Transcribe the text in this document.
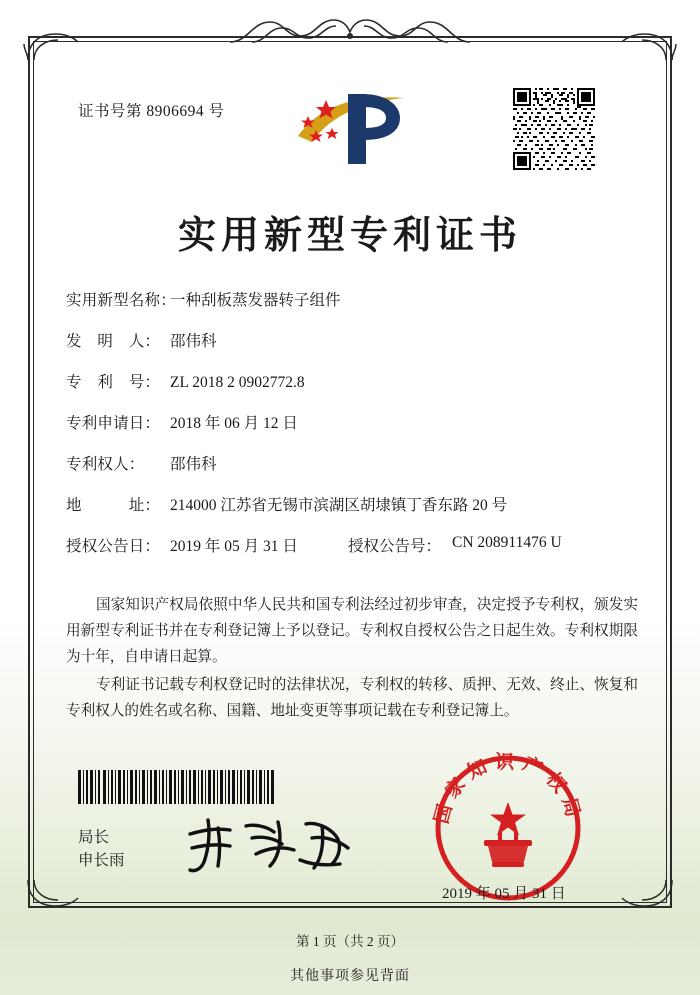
证书号第 8906694 号
实用新型专利证书
实用新型名称：一种刮板蒸发器转子组件
发　明　人： 邵伟科
专　利　号： ZL 2018 2 0902772.8
专利申请日： 2018 年 06 月 12 日
专利权人： 邵伟科
地　　　址： 214000 江苏省无锡市滨湖区胡埭镇丁香东路 20 号
授权公告日： 2019 年 05 月 31 日	授权公告号： CN 208911476 U

国家知识产权局依照中华人民共和国专利法经过初步审查，决定授予专利权，颁发实用新型专利证书并在专利登记簿上予以登记。专利权自授权公告之日起生效。专利权期限为十年，自申请日起算。

专利证书记载专利权登记时的法律状况，专利权的转移、质押、无效、终止、恢复和专利权人的姓名或名称、国籍、地址变更等事项记载在专利登记簿上。

局长
申长雨
国家知识产权局
2019 年 05 月 31 日
第 1 页（共 2 页）
其他事项参见背面
